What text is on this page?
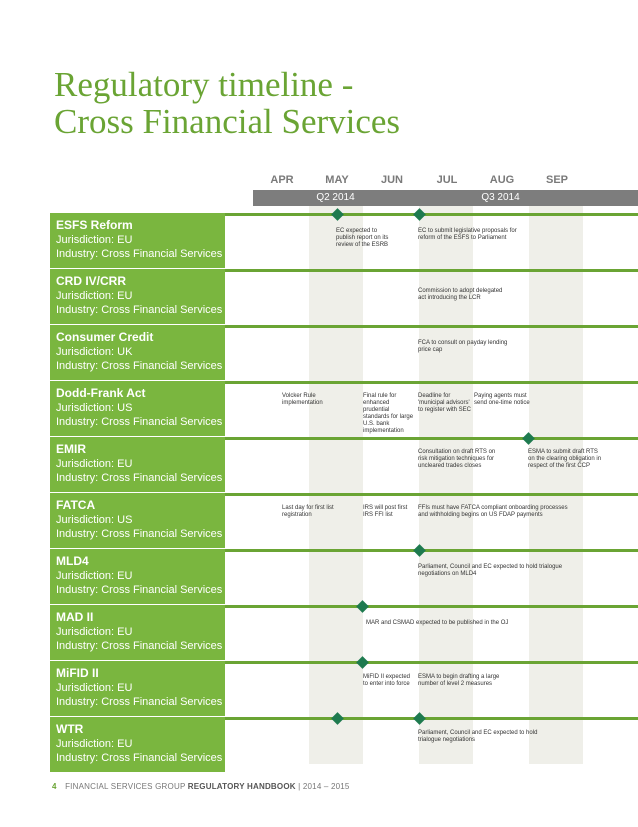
Regulatory timeline -
Cross Financial Services
APR	MAY	JUN	JUL	AUG	SEP
Q2 2014	Q3 2014
ESFS Reform
Jurisdiction: EU
Industry: Cross Financial Services
EC expected to publish report on its review of the ESRB
EC to submit legislative proposals for reform of the ESFS to Parliament
CRD IV/CRR
Jurisdiction: EU
Industry: Cross Financial Services
Commission to adopt delegated act introducing the LCR
Consumer Credit
Jurisdiction: UK
Industry: Cross Financial Services
FCA to consult on payday lending price cap
Dodd-Frank Act
Jurisdiction: US
Industry: Cross Financial Services
Volcker Rule implementation
Final rule for enhanced prudential standards for large U.S. bank implementation
Deadline for 'municipal advisors' to register with SEC
Paying agents must send one-time notice
EMIR
Jurisdiction: EU
Industry: Cross Financial Services
Consultation on draft RTS on risk mitigation techniques for uncleared trades closes
ESMA to submit draft RTS on the clearing obligation in respect of the first CCP
FATCA
Jurisdiction: US
Industry: Cross Financial Services
Last day for first list registration
IRS will post first IRS FFI list
FFIs must have FATCA compliant onboarding processes and withholding begins on US FDAP payments
MLD4
Jurisdiction: EU
Industry: Cross Financial Services
Parliament, Council and EC expected to hold trialogue negotiations on MLD4
MAD II
Jurisdiction: EU
Industry: Cross Financial Services
MAR and CSMAD expected to be published in the OJ
MiFID II
Jurisdiction: EU
Industry: Cross Financial Services
MiFID II expected to enter into force
ESMA to begin drafting a large number of level 2 measures
WTR
Jurisdiction: EU
Industry: Cross Financial Services
Parliament, Council and EC expected to hold trialogue negotiations
4 FINANCIAL SERVICES GROUP REGULATORY HANDBOOK | 2014 – 2015
